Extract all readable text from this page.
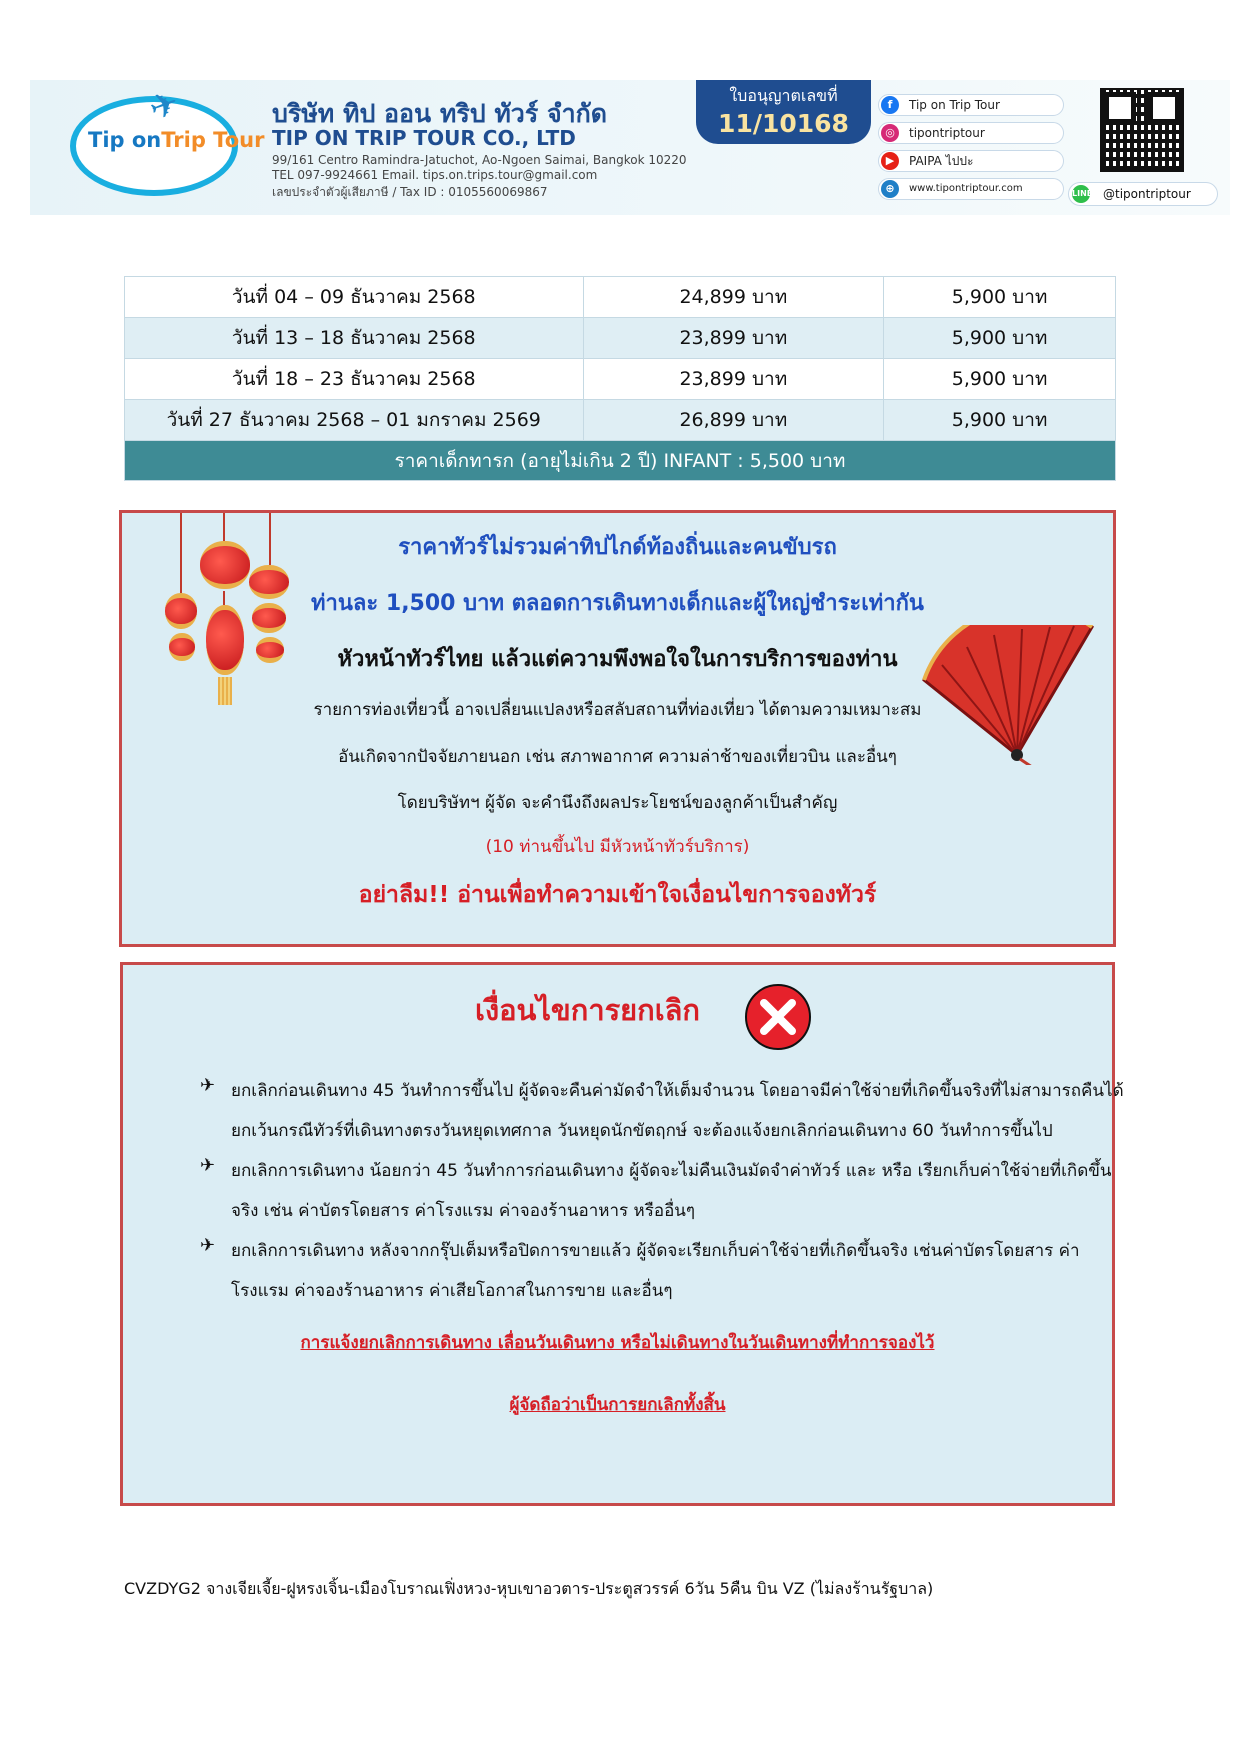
✈
Tip onTrip Tour
บริษัท ทิป ออน ทริป ทัวร์ จำกัด
TIP ON TRIP TOUR CO., LTD
99/161 Centro Ramindra-Jatuchot, Ao-Ngoen Saimai, Bangkok 10220
TEL 097-9924661 Email. tips.on.trips.tour@gmail.com
เลขประจำตัวผู้เสียภาษี / Tax ID : 0105560069867
ใบอนุญาตเลขที่
11/10168
f	Tip on Trip Tour
◎	tipontriptour
▶	PAIPA ไปปะ
⊕	www.tipontriptour.com	LINE @tipontriptour
วันที่ 04 – 09 ธันวาคม 2568	24,899 บาท	5,900 บาท
วันที่ 13 – 18 ธันวาคม 2568	23,899 บาท	5,900 บาท
วันที่ 18 – 23 ธันวาคม 2568	23,899 บาท	5,900 บาท
วันที่ 27 ธันวาคม 2568 – 01 มกราคม 2569	26,899 บาท	5,900 บาท
ราคาเด็กทารก (อายุไม่เกิน 2 ปี) INFANT : 5,500 บาท		
ราคาทัวร์ไม่รวมค่าทิปไกด์ท้องถิ่นและคนขับรถ
ท่านละ 1,500 บาท ตลอดการเดินทางเด็กและผู้ใหญ่ชำระเท่ากัน
หัวหน้าทัวร์ไทย แล้วแต่ความพึงพอใจในการบริการของท่าน
รายการท่องเที่ยวนี้ อาจเปลี่ยนแปลงหรือสลับสถานที่ท่องเที่ยว ได้ตามความเหมาะสม
อันเกิดจากปัจจัยภายนอก เช่น สภาพอากาศ ความล่าช้าของเที่ยวบิน และอื่นๆ
โดยบริษัทฯ ผู้จัด จะคำนึงถึงผลประโยชน์ของลูกค้าเป็นสำคัญ
(10 ท่านขึ้นไป มีหัวหน้าทัวร์บริการ)
อย่าลืม!! อ่านเพื่อทำความเข้าใจเงื่อนไขการจองทัวร์
เงื่อนไขการยกเลิก
✈ ยกเลิกก่อนเดินทาง 45 วันทำการขึ้นไป ผู้จัดจะคืนค่ามัดจำให้เต็มจำนวน โดยอาจมีค่าใช้จ่ายที่เกิดขึ้นจริงที่ไม่สามารถคืนได้
ยกเว้นกรณีทัวร์ที่เดินทางตรงวันหยุดเทศกาล วันหยุดนักขัตฤกษ์ จะต้องแจ้งยกเลิกก่อนเดินทาง 60 วันทำการขึ้นไป
✈ ยกเลิกการเดินทาง น้อยกว่า 45 วันทำการก่อนเดินทาง ผู้จัดจะไม่คืนเงินมัดจำค่าทัวร์ และ หรือ เรียกเก็บค่าใช้จ่ายที่เกิดขึ้น
จริง เช่น ค่าบัตรโดยสาร ค่าโรงแรม ค่าจองร้านอาหาร หรืออื่นๆ
✈ ยกเลิกการเดินทาง หลังจากกรุ๊ปเต็มหรือปิดการขายแล้ว ผู้จัดจะเรียกเก็บค่าใช้จ่ายที่เกิดขึ้นจริง เช่นค่าบัตรโดยสาร ค่า
โรงแรม ค่าจองร้านอาหาร ค่าเสียโอกาสในการขาย และอื่นๆ
การแจ้งยกเลิกการเดินทาง เลื่อนวันเดินทาง หรือไม่เดินทางในวันเดินทางที่ทำการจองไว้
ผู้จัดถือว่าเป็นการยกเลิกทั้งสิ้น
CVZDYG2 จางเจียเจี้ย-ฝูหรงเจิ้น-เมืองโบราณเฟิ่งหวง-หุบเขาอวตาร-ประตูสวรรค์ 6วัน 5คืน บิน VZ (ไม่ลงร้านรัฐบาล)
